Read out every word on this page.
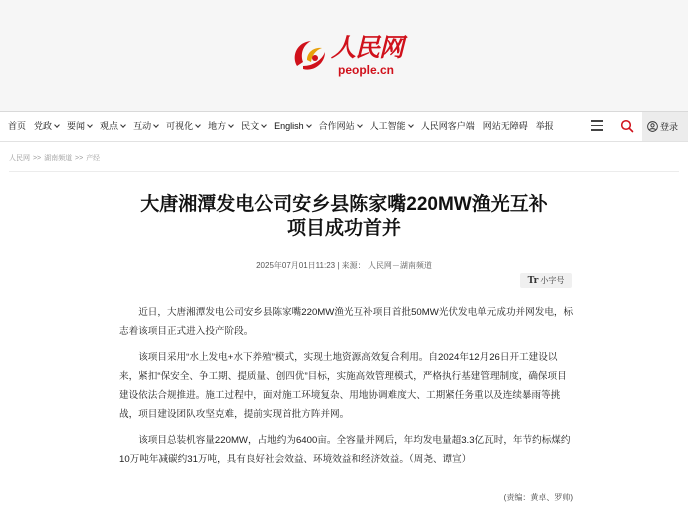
人民网
people.cn
首页 党政 要闻 观点 互动 可视化 地方 民文 English 合作网站 人工智能 人民网客户端 网站无障碍 举报	登录
人民网 >> 湖南频道 >> 产经
大唐湘潭发电公司安乡县陈家嘴220MW渔光互补
项目成功首并
2025年07月01日11:23 | 来源： 人民网－湖南频道
Tr 小字号

近日，大唐湘潭发电公司安乡县陈家嘴220MW渔光互补项目首批50MW光伏发电单元成功并网发电，标志着该项目正式进入投产阶段。

该项目采用“水上发电+水下养殖”模式，实现土地资源高效复合利用。自2024年12月26日开工建设以来，紧扣“保安全、争工期、提质量、创四优”目标，实施高效管理模式，严格执行基建管理制度，确保项目建设依法合规推进。施工过程中，面对施工环境复杂、用地协调难度大、工期紧任务重以及连续暴雨等挑战，项目建设团队攻坚克难，提前实现首批方阵并网。

该项目总装机容量220MW，占地约为6400亩。全容量并网后，年均发电量超3.3亿瓦时，年节约标煤约10万吨年减碳约31万吨，具有良好社会效益、环境效益和经济效益。（周尧、谭宣）

(责编：黄卓、罗帅)
